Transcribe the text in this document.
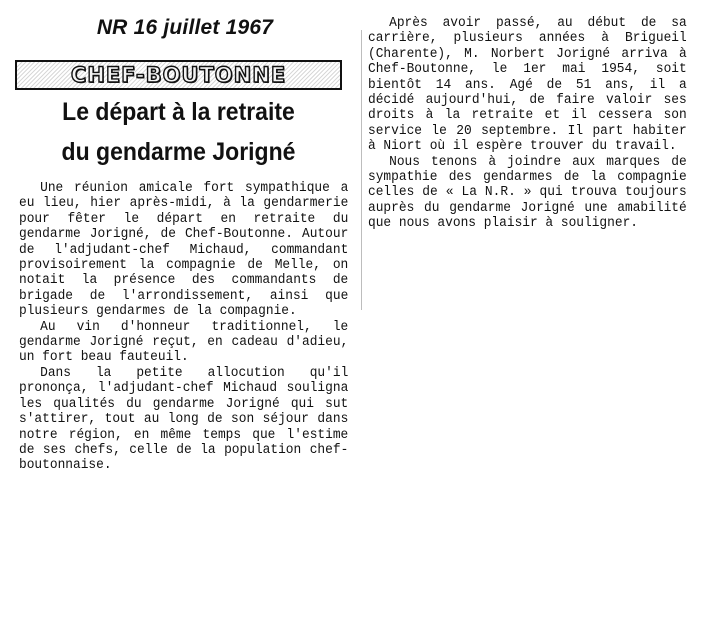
NR 16 juillet 1967
CHEF-BOUTONNE
Le départ à la retraite
du gendarme Jorigné

Une réunion amicale fort sympathique a eu lieu, hier après-midi, à la gendarmerie pour fêter le départ en retraite du gendarme Jorigné, de Chef-Boutonne. Autour de l'adjudant-chef Michaud, commandant provisoirement la compagnie de Melle, on notait la présence des commandants de brigade de l'arrondissement, ainsi que plusieurs gendarmes de la compagnie.

Au vin d'honneur traditionnel, le gendarme Jorigné reçut, en cadeau d'adieu, un fort beau fauteuil.

Dans la petite allocution qu'il prononça, l'adjudant-chef Michaud souligna les qualités du gendarme Jorigné qui sut s'attirer, tout au long de son séjour dans notre région, en même temps que l'estime de ses chefs, celle de la population chef-boutonnaise.

Après avoir passé, au début de sa carrière, plusieurs années à Brigueil (Charente), M. Norbert Jorigné arriva à Chef-Boutonne, le 1er mai 1954, soit bientôt 14 ans. Agé de 51 ans, il a décidé aujourd'hui, de faire valoir ses droits à la retraite et il cessera son service le 20 septembre. Il part habiter à Niort où il espère trouver du travail.

Nous tenons à joindre aux marques de sympathie des gendarmes de la compagnie celles de « La N.R. » qui trouva toujours auprès du gendarme Jorigné une amabilité que nous avons plaisir à souligner.
